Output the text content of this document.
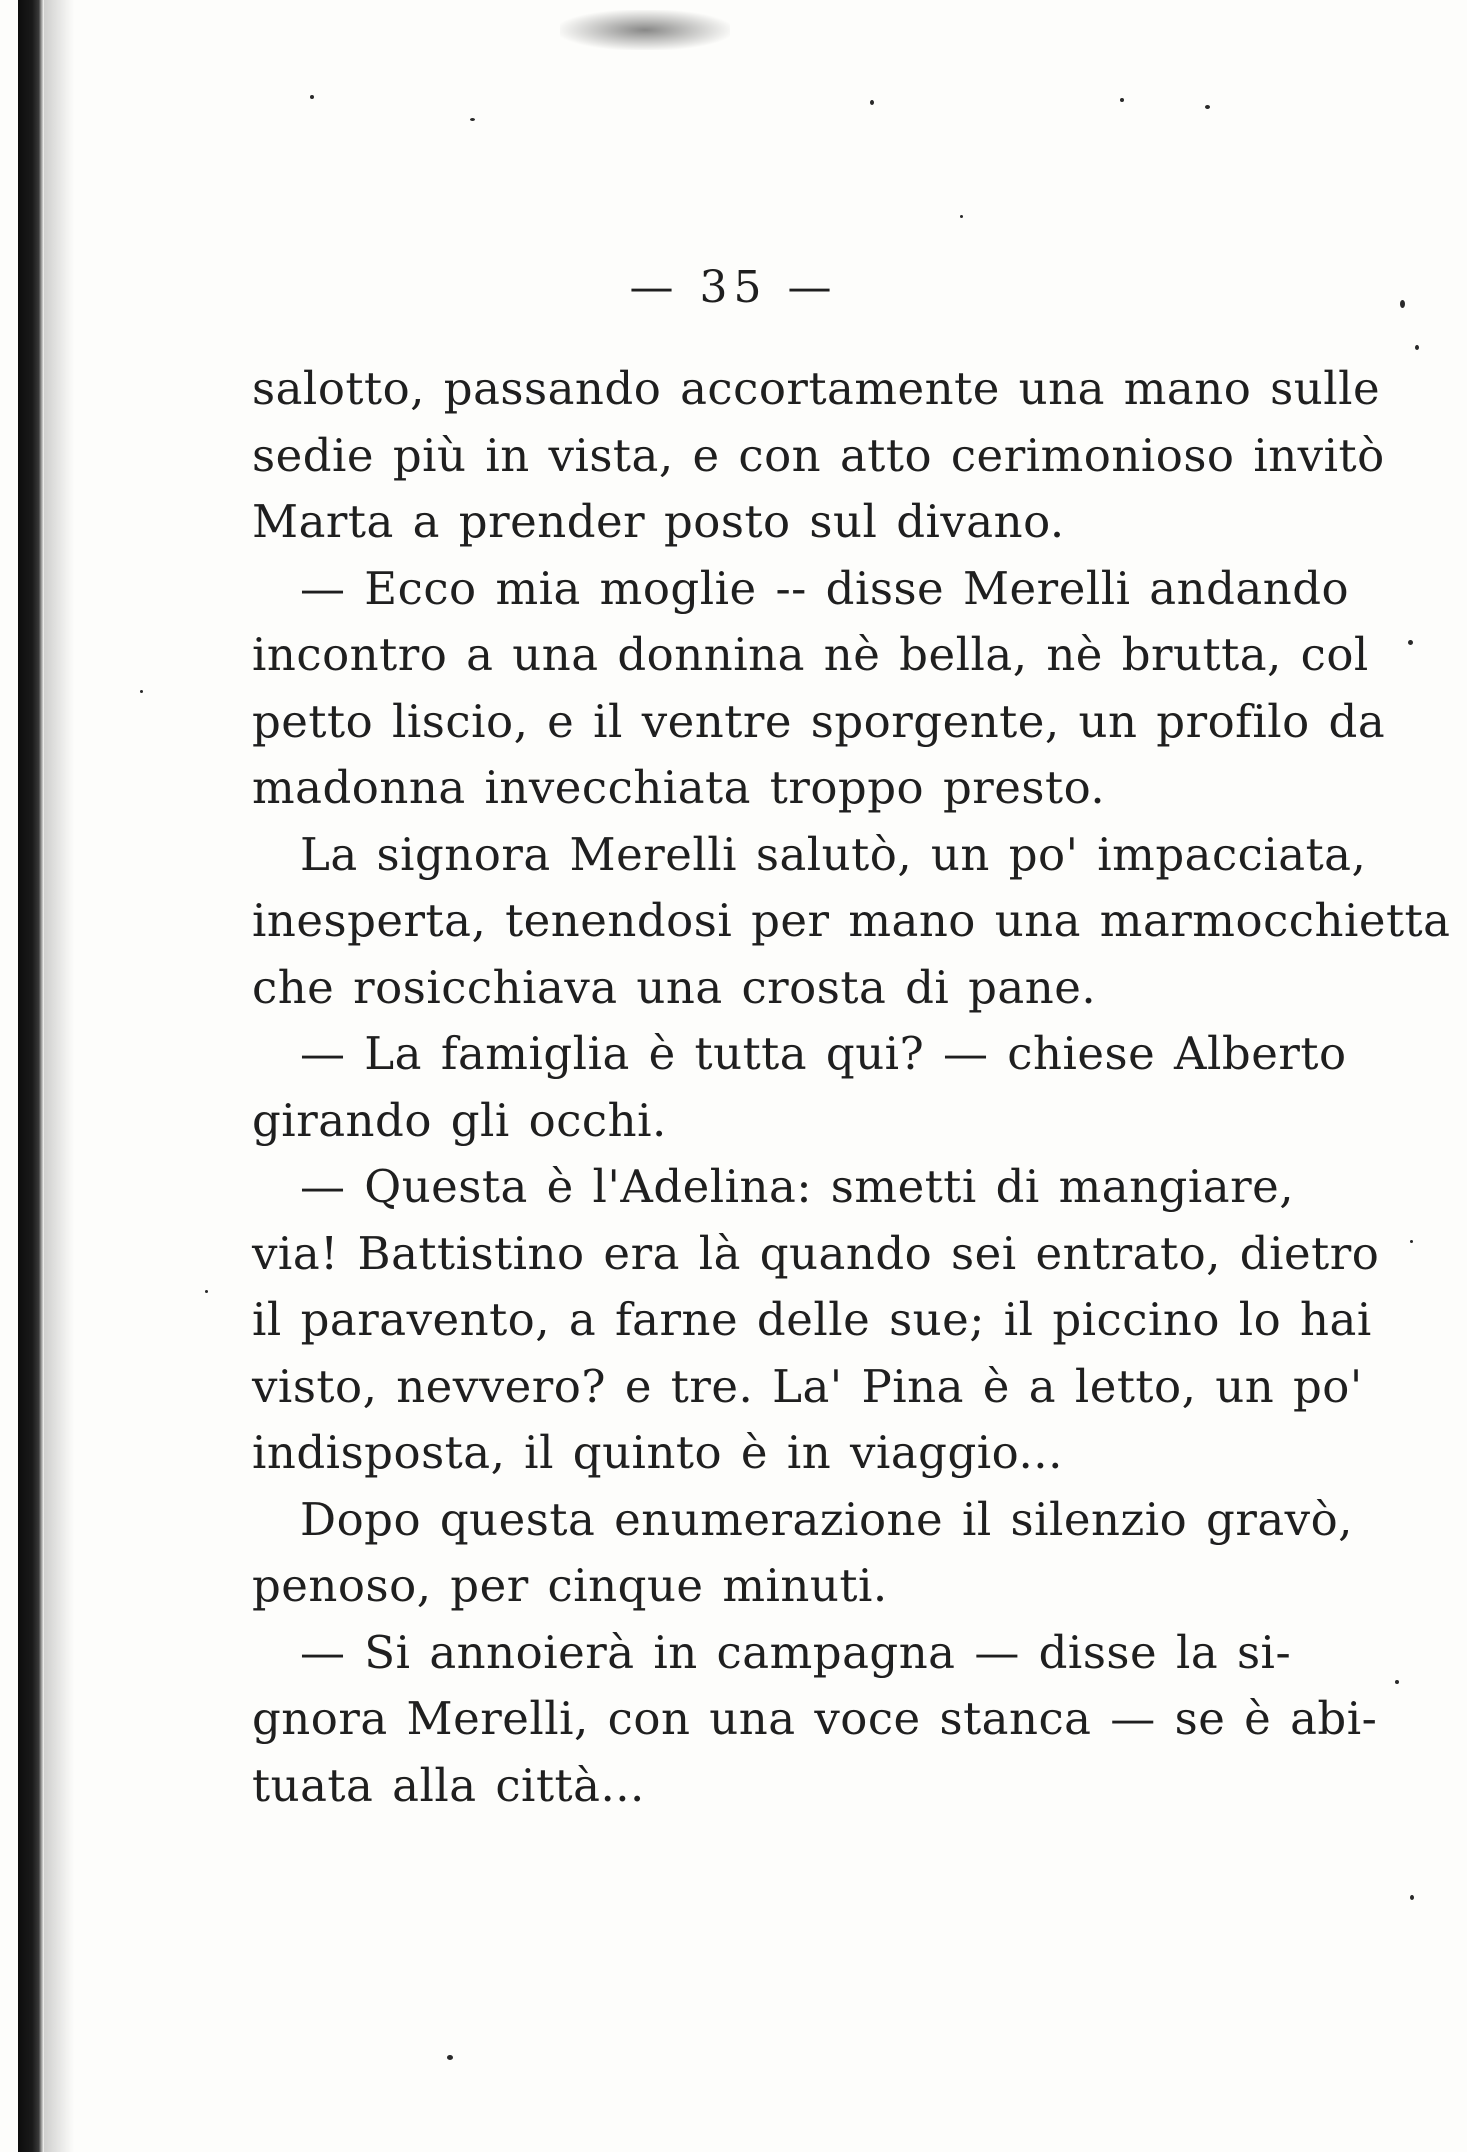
— 35 —
salotto, passando accortamente una mano sulle
sedie più in vista, e con atto cerimonioso invitò
Marta a prender posto sul divano.
— Ecco mia moglie -- disse Merelli andando
incontro a una donnina nè bella, nè brutta, col
petto liscio, e il ventre sporgente, un profilo da
madonna invecchiata troppo presto.
La signora Merelli salutò, un po' impacciata,
inesperta, tenendosi per mano una marmocchietta
che rosicchiava una crosta di pane.
— La famiglia è tutta qui? — chiese Alberto
girando gli occhi.
— Questa è l'Adelina: smetti di mangiare,
via! Battistino era là quando sei entrato, dietro
il paravento, a farne delle sue; il piccino lo hai
visto, nevvero? e tre. La' Pina è a letto, un po'
indisposta, il quinto è in viaggio...
Dopo questa enumerazione il silenzio gravò,
penoso, per cinque minuti.
— Si annoierà in campagna — disse la si-
gnora Merelli, con una voce stanca — se è abi-
tuata alla città...
